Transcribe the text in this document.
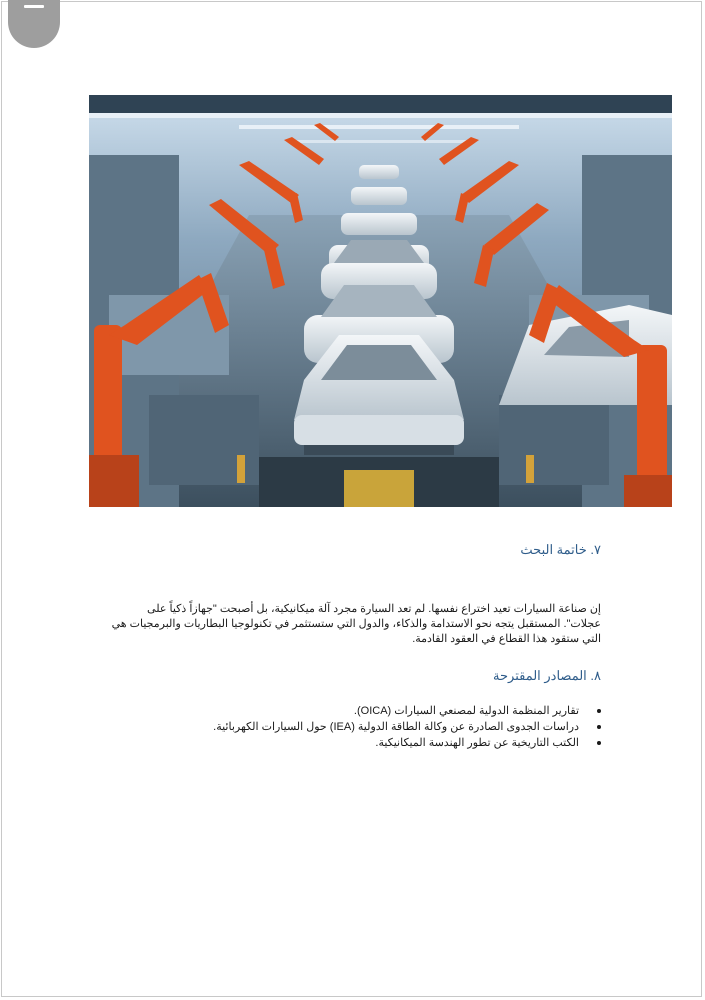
٧. خاتمة البحث
إن صناعة السيارات تعيد اختراع نفسها. لم تعد السيارة مجرد آلة ميكانيكية، بل أصبحت "جهازاً ذكياً على عجلات". المستقبل يتجه نحو الاستدامة والذكاء، والدول التي ستستثمر في تكنولوجيا البطاريات والبرمجيات هي التي ستقود هذا القطاع في العقود القادمة.
٨. المصادر المقترحة
تقارير المنظمة الدولية لمصنعي السيارات (OICA).
دراسات الجدوى الصادرة عن وكالة الطاقة الدولية (IEA) حول السيارات الكهربائية.
الكتب التاريخية عن تطور الهندسة الميكانيكية.
